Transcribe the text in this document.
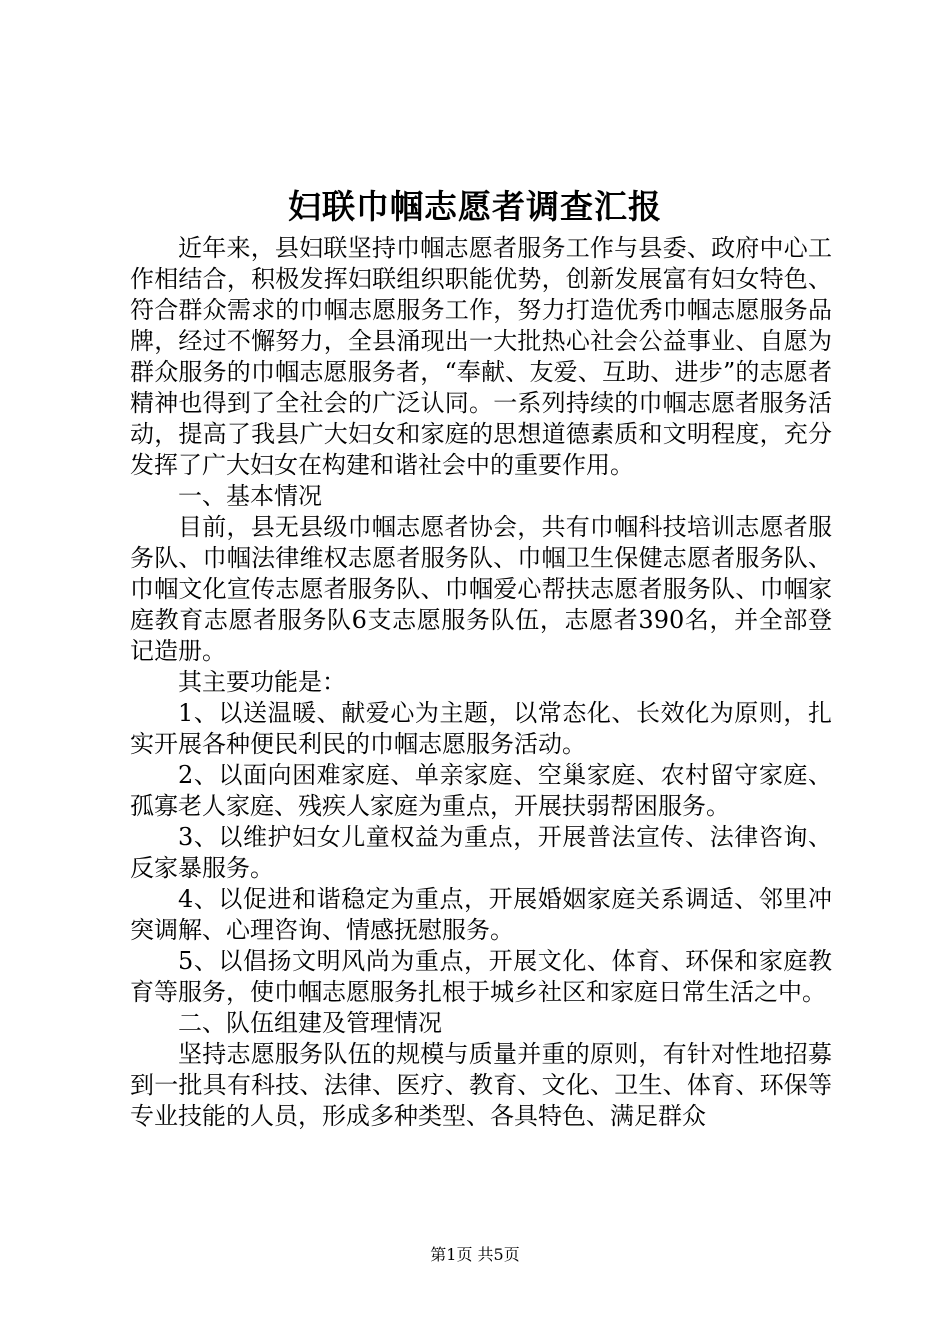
妇联巾帼志愿者调查汇报

近年来，县妇联坚持巾帼志愿者服务工作与县委、政府中心工作相结合，积极发挥妇联组织职能优势，创新发展富有妇女特色、符合群众需求的巾帼志愿服务工作，努力打造优秀巾帼志愿服务品牌，经过不懈努力，全县涌现出一大批热心社会公益事业、自愿为群众服务的巾帼志愿服务者，“奉献、友爱、互助、进步”的志愿者精神也得到了全社会的广泛认同。一系列持续的巾帼志愿者服务活动，提高了我县广大妇女和家庭的思想道德素质和文明程度，充分发挥了广大妇女在构建和谐社会中的重要作用。

一、基本情况

目前，县无县级巾帼志愿者协会，共有巾帼科技培训志愿者服务队、巾帼法律维权志愿者服务队、巾帼卫生保健志愿者服务队、巾帼文化宣传志愿者服务队、巾帼爱心帮扶志愿者服务队、巾帼家庭教育志愿者服务队6支志愿服务队伍，志愿者390名，并全部登记造册。

其主要功能是：

1、以送温暖、献爱心为主题，以常态化、长效化为原则，扎实开展各种便民利民的巾帼志愿服务活动。

2、以面向困难家庭、单亲家庭、空巢家庭、农村留守家庭、孤寡老人家庭、残疾人家庭为重点，开展扶弱帮困服务。

3、以维护妇女儿童权益为重点，开展普法宣传、法律咨询、反家暴服务。

4、以促进和谐稳定为重点，开展婚姻家庭关系调适、邻里冲突调解、心理咨询、情感抚慰服务。

5、以倡扬文明风尚为重点，开展文化、体育、环保和家庭教育等服务，使巾帼志愿服务扎根于城乡社区和家庭日常生活之中。

二、队伍组建及管理情况

坚持志愿服务队伍的规模与质量并重的原则，有针对性地招募到一批具有科技、法律、医疗、教育、文化、卫生、体育、环保等专业技能的人员，形成多种类型、各具特色、满足群众

第1页 共5页
